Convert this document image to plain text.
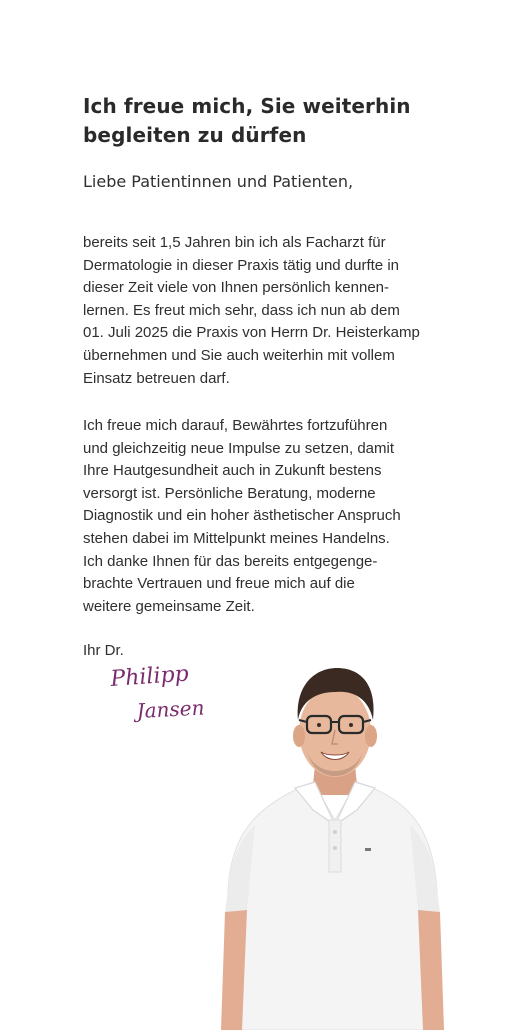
Ich freue mich, Sie weiterhin begleiten zu dürfen

Liebe Patientinnen und Patienten,

bereits seit 1,5 Jahren bin ich als Facharzt für
Dermatologie in dieser Praxis tätig und durfte in
dieser Zeit viele von Ihnen persönlich kennen-
lernen. Es freut mich sehr, dass ich nun ab dem
01. Juli 2025 die Praxis von Herrn Dr. Heisterkamp
übernehmen und Sie auch weiterhin mit vollem
Einsatz betreuen darf.

Ich freue mich darauf, Bewährtes fortzuführen
und gleichzeitig neue Impulse zu setzen, damit
Ihre Hautgesundheit auch in Zukunft bestens
versorgt ist. Persönliche Beratung, moderne
Diagnostik und ein hoher ästhetischer Anspruch
stehen dabei im Mittelpunkt meines Handelns.
Ich danke Ihnen für das bereits entgegenge-
brachte Vertrauen und freue mich auf die
weitere gemeinsame Zeit.

Ihr Dr.

Philipp
Jansen
